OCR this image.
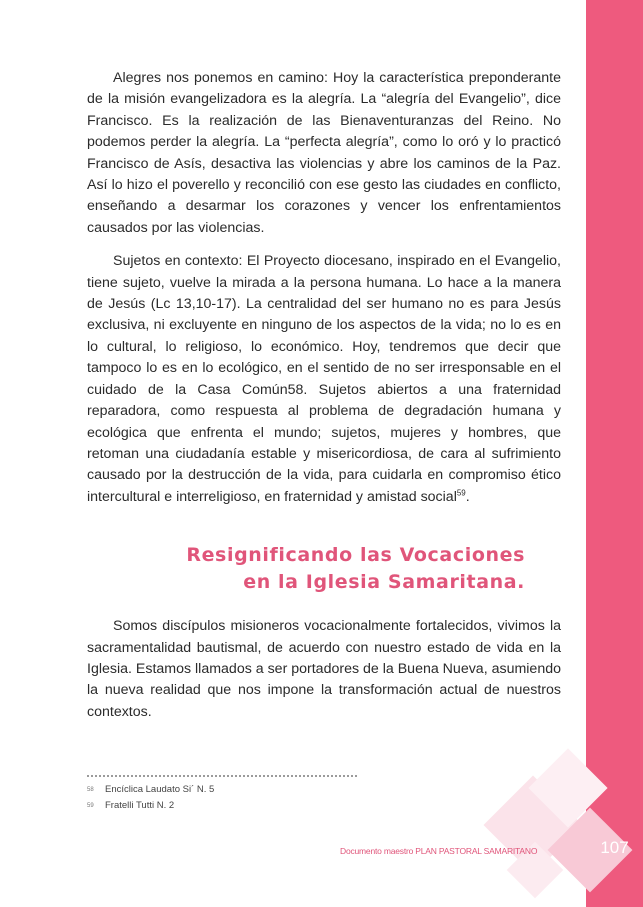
Alegres nos ponemos en camino: Hoy la característica preponderante de la misión evangelizadora es la alegría. La “alegría del Evangelio”, dice Francisco. Es la realización de las Bienaventuranzas del Reino. No podemos perder la alegría. La “perfecta alegría”, como lo oró y lo practicó Francisco de Asís, desactiva las violencias y abre los caminos de la Paz. Así lo hizo el poverello y reconcilió con ese gesto las ciudades en conflicto, enseñando a desarmar los corazones y vencer los enfrentamientos causados por las violencias.

Sujetos en contexto: El Proyecto diocesano, inspirado en el Evangelio, tiene sujeto, vuelve la mirada a la persona humana. Lo hace a la manera de Jesús (Lc 13,10-17). La centralidad del ser humano no es para Jesús exclusiva, ni excluyente en ninguno de los aspectos de la vida; no lo es en lo cultural, lo religioso, lo económico. Hoy, tendremos que decir que tampoco lo es en lo ecológico, en el sentido de no ser irresponsable en el cuidado de la Casa Común58. Sujetos abiertos a una fraternidad reparadora, como respuesta al problema de degradación humana y ecológica que enfrenta el mundo; sujetos, mujeres y hombres, que retoman una ciudadanía estable y misericordiosa, de cara al sufrimiento causado por la destrucción de la vida, para cuidarla en compromiso ético intercultural e interreligioso, en fraternidad y amistad social$^{59}$.

Resignificando las Vocaciones
en la Iglesia Samaritana.

Somos discípulos misioneros vocacionalmente fortalecidos, vivimos la sacramentalidad bautismal, de acuerdo con nuestro estado de vida en la Iglesia. Estamos llamados a ser portadores de la Buena Nueva, asumiendo la nueva realidad que nos impone la transformación actual de nuestros contextos.

58	Encíclica Laudato Si´ N. 5
59	Fratelli Tutti N. 2
Documento maestro PLAN PASTORAL SAMARITANO	107
